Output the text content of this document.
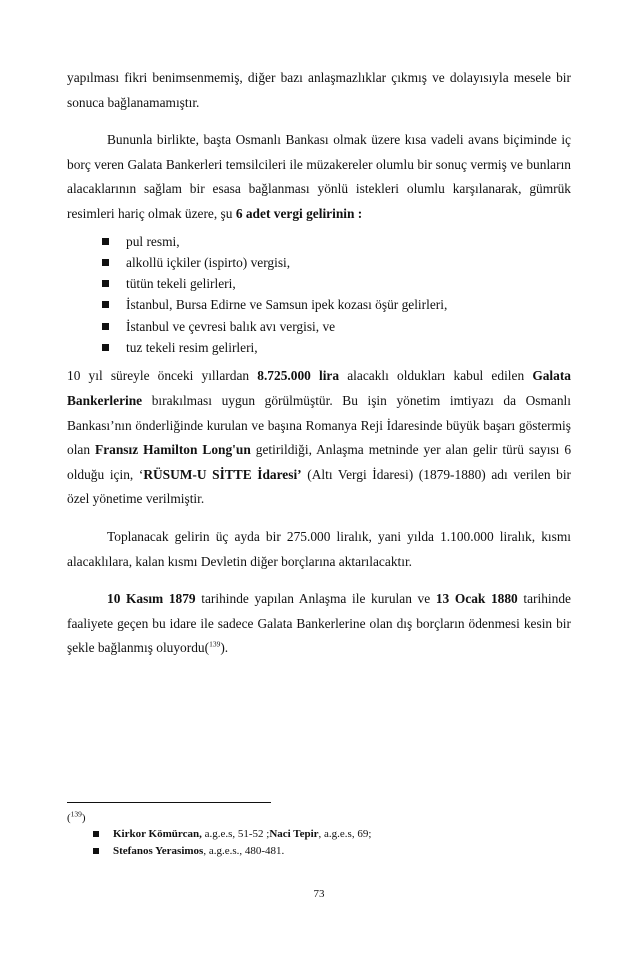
yapılması fikri benimsenmemiş, diğer bazı anlaşmazlıklar çıkmış ve dolayısıyla mesele bir sonuca bağlanamamıştır.

Bununla birlikte, başta Osmanlı Bankası olmak üzere kısa vadeli avans biçiminde iç borç veren Galata Bankerleri temsilcileri ile müzakereler olumlu bir sonuç vermiş ve bunların alacaklarının sağlam bir esasa bağlanması yönlü istekleri olumlu karşılanarak, gümrük resimleri hariç olmak üzere, şu 6 adet vergi gelirinin :

pul resmi,
alkollü içkiler (ispirto) vergisi,
tütün tekeli gelirleri,
İstanbul, Bursa Edirne ve Samsun ipek kozası öşür gelirleri,
İstanbul ve çevresi balık avı vergisi, ve
tuz tekeli resim gelirleri,

10 yıl süreyle önceki yıllardan 8.725.000 lira alacaklı oldukları kabul edilen Galata Bankerlerine bırakılması uygun görülmüştür. Bu işin yönetim imtiyazı da Osmanlı Bankası’nın önderliğinde kurulan ve başına Romanya Reji İdaresinde büyük başarı göstermiş olan Fransız Hamilton Long'un getirildiği, Anlaşma metninde yer alan gelir türü sayısı 6 olduğu için, ‘RÜSUM-U SİTTE İdaresi’ (Altı Vergi İdaresi) (1879-1880) adı verilen bir özel yönetime verilmiştir.

Toplanacak gelirin üç ayda bir 275.000 liralık, yani yılda 1.100.000 liralık, kısmı alacaklılara, kalan kısmı Devletin diğer borçlarına aktarılacaktır.

10 Kasım 1879 tarihinde yapılan Anlaşma ile kurulan ve 13 Ocak 1880 tarihinde faaliyete geçen bu idare ile sadece Galata Bankerlerine olan dış borçların ödenmesi kesin bir şekle bağlanmış oluyordu($^{139}$).

($^{139}$)
Kirkor Kömürcan, a.g.e.s, 51-52 ;Naci Tepir, a.g.e.s, 69;
Stefanos Yerasimos, a.g.e.s., 480-481.
73
